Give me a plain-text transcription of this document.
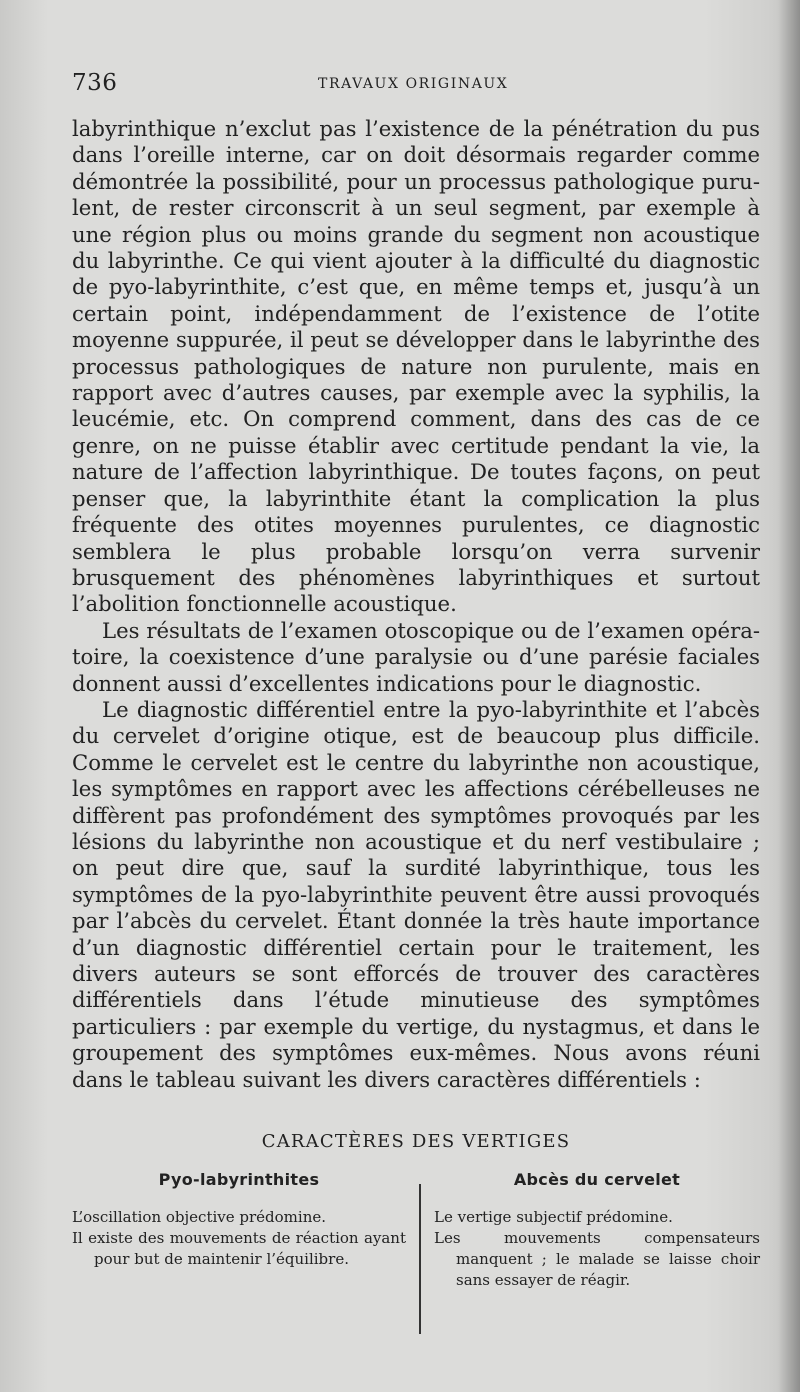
736	TRAVAUX ORIGINAUX

labyrinthique n’exclut pas l’existence de la pénétration du pus dans l’oreille interne, car on doit désormais regarder comme démontrée la possibilité, pour un processus pathologique purulent, de rester circonscrit à un seul segment, par exemple à une région plus ou moins grande du segment non acoustique du labyrinthe. Ce qui vient ajouter à la difficulté du diagnostic de pyo-labyrinthite, c’est que, en même temps et, jusqu’à un certain point, indépendamment de l’existence de l’otite moyenne suppurée, il peut se développer dans le labyrinthe des processus pathologiques de nature non purulente, mais en rapport avec d’autres causes, par exemple avec la syphilis, la leucémie, etc. On comprend comment, dans des cas de ce genre, on ne puisse établir avec certitude pendant la vie, la nature de l’affection labyrinthique. De toutes façons, on peut penser que, la labyrinthite étant la complication la plus fréquente des otites moyennes purulentes, ce diagnostic semblera le plus probable lorsqu’on verra survenir brusquement des phénomènes labyrinthiques et surtout l’abolition fonctionnelle acoustique.

Les résultats de l’examen otoscopique ou de l’examen opératoire, la coexistence d’une paralysie ou d’une parésie faciales donnent aussi d’excellentes indications pour le diagnostic.

Le diagnostic différentiel entre la pyo-labyrinthite et l’abcès du cervelet d’origine otique, est de beaucoup plus difficile. Comme le cervelet est le centre du labyrinthe non acoustique, les symptômes en rapport avec les affections cérébelleuses ne diffèrent pas profondément des symptômes provoqués par les lésions du labyrinthe non acoustique et du nerf vestibulaire ; on peut dire que, sauf la surdité labyrinthique, tous les symptômes de la pyo-labyrinthite peuvent être aussi provoqués par l’abcès du cervelet. Étant donnée la très haute importance d’un diagnostic différentiel certain pour le traitement, les divers auteurs se sont efforcés de trouver des caractères différentiels dans l’étude minutieuse des symptômes particuliers : par exemple du vertige, du nystagmus, et dans le groupement des symptômes eux-mêmes. Nous avons réuni dans le tableau suivant les divers caractères différentiels :

CARACTÈRES DES VERTIGES
Pyo-labyrinthites

L’oscillation objective prédomine.

Il existe des mouvements de réaction ayant pour but de maintenir l’équilibre.

Abcès du cervelet

Le vertige subjectif prédomine.

Les mouvements compensateurs manquent ; le malade se laisse choir sans essayer de réagir.
